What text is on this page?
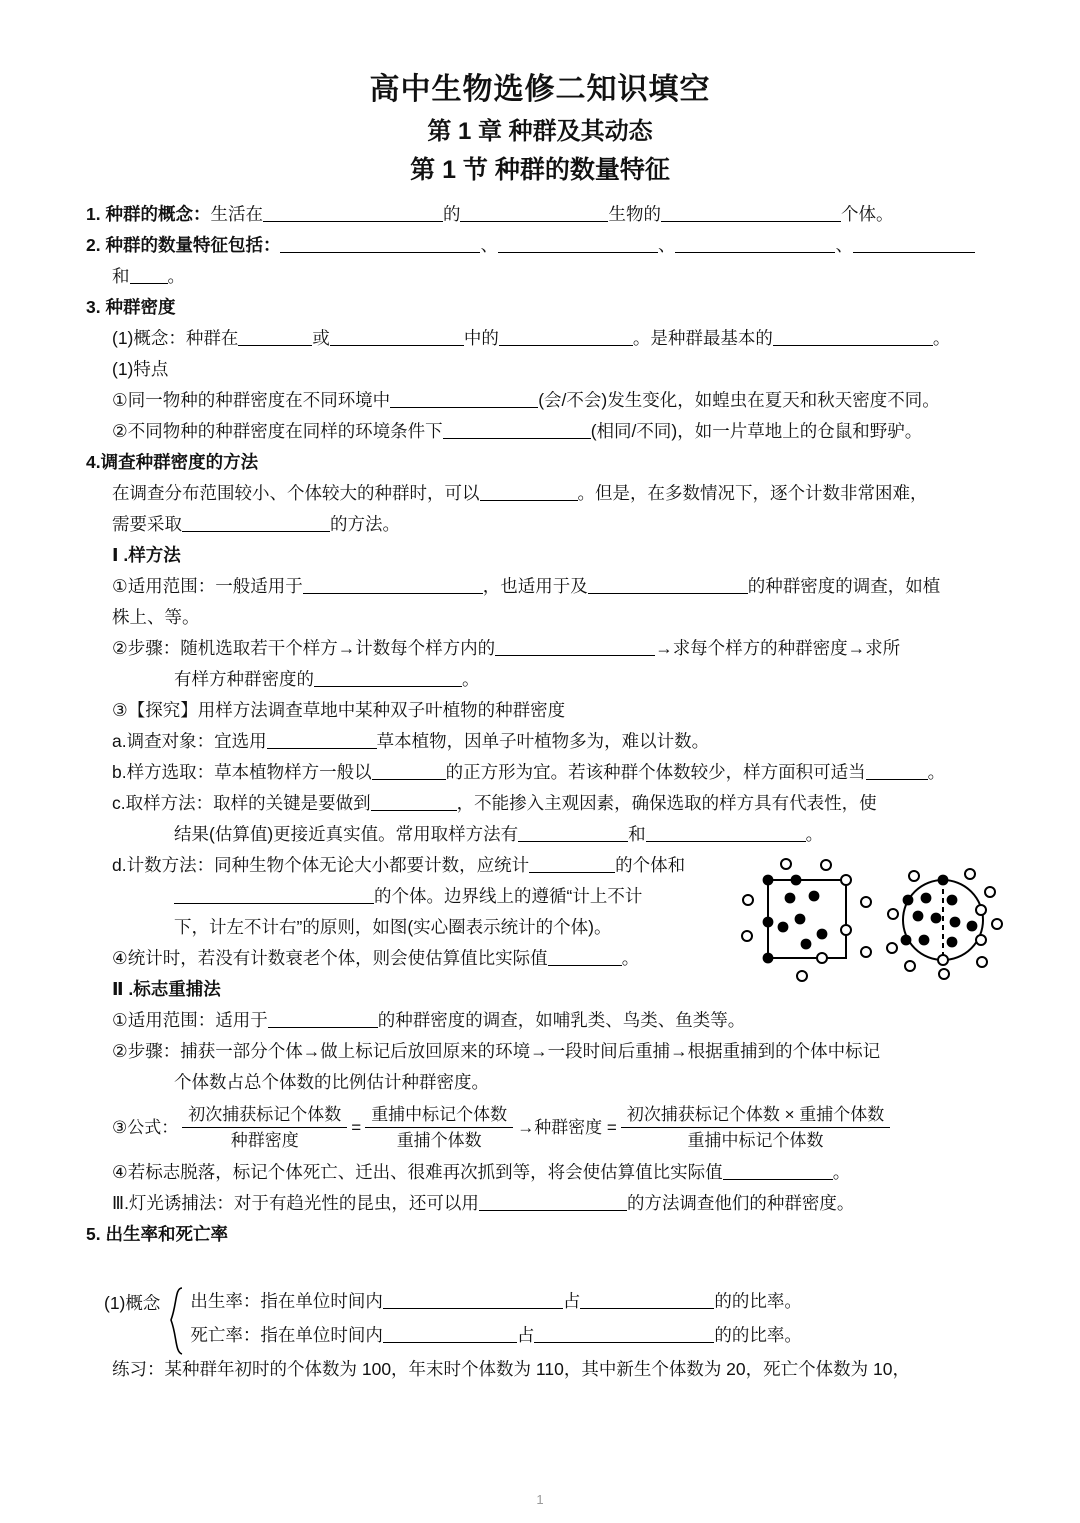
高中生物选修二知识填空
第 1 章 种群及其动态
第 1 节 种群的数量特征
1. 种群的概念：生活在	的	生物的	个体。
2. 种群的数量特征包括：	、	、	、
和 。
3. 种群密度
(1)概念：种群在	或	中的	。是种群最基本的	。
(1)特点
①同一物种的种群密度在不同环境中	(会/不会)发生变化，如蝗虫在夏天和秋天密度不同。
②不同物种的种群密度在同样的环境条件下	(相同/不同)，如一片草地上的仓鼠和野驴。
4.调查种群密度的方法
在调查分布范围较小、个体较大的种群时，可以	。但是，在多数情况下，逐个计数非常困难，
需要采取	的方法。
Ⅰ .样方法
①适用范围：一般适用于	，也适用于及	的种群密度的调查，如植
株上、等。
②步骤：随机选取若干个样方→计数每个样方内的	→求每个样方的种群密度→求所
有样方种群密度的	。
③【探究】用样方法调查草地中某种双子叶植物的种群密度
a.调查对象：宜选用	草本植物，因单子叶植物多为，难以计数。
b.样方选取：草本植物样方一般以	的正方形为宜。若该种群个体数较少，样方面积可适当	。
c.取样方法：取样的关键是要做到	，不能掺入主观因素，确保选取的样方具有代表性，使
结果(估算值)更接近真实值。常用取样方法有	和	。
d.计数方法：同种生物个体无论大小都要计数，应统计	的个体和
的个体。边界线上的遵循“计上不计
下，计左不计右”的原则，如图(实心圈表示统计的个体)。
④统计时，若没有计数衰老个体，则会使估算值比实际值	。
Ⅱ .标志重捕法
①适用范围：适用于	的种群密度的调查，如哺乳类、鸟类、鱼类等。
②步骤：捕获一部分个体→做上标记后放回原来的环境→一段时间后重捕→根据重捕到的个体中标记
个体数占总个体数的比例估计种群密度。
③公式： $\frac{\text{初次捕获标记个体数}}{\text{种群密度}} = \frac{\text{重捕中标记个体数}}{\text{重捕个体数}}$ →种群密度 = $\frac{\text{初次捕获标记个体数 × 重捕个体数}}{\text{重捕中标记个体数}}$
④若标志脱落，标记个体死亡、迁出、很难再次抓到等，将会使估算值比实际值	。
Ⅲ.灯光诱捕法：对于有趋光性的昆虫，还可以用	的方法调查他们的种群密度。
5. 出生率和死亡率
(1)概念 出生率：指在单位时间内	占	的的比率。
死亡率：指在单位时间内	占	的的比率。
练习：某种群年初时的个体数为 100，年末时个体数为 110，其中新生个体数为 20，死亡个体数为 10，
1
